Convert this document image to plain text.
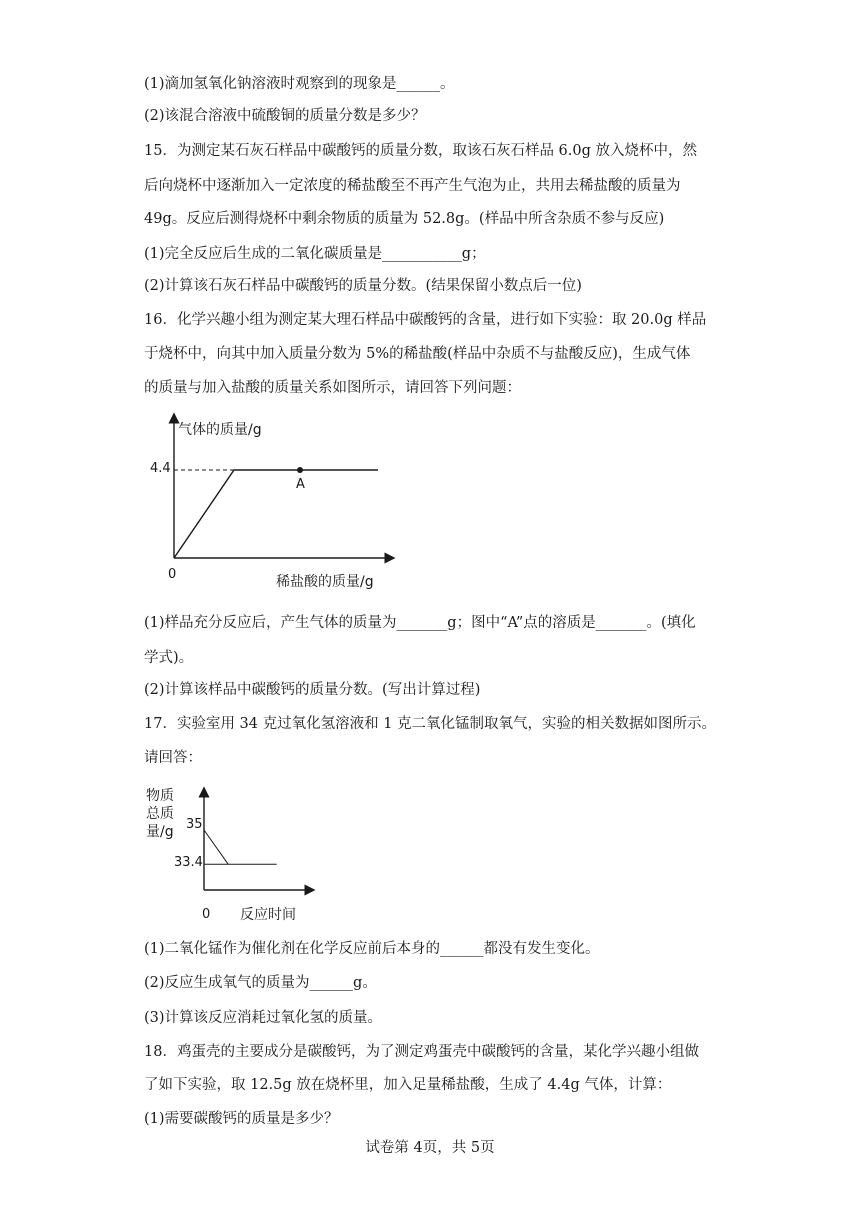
(1)滴加氢氧化钠溶液时观察到的现象是______。
(2)该混合溶液中硫酸铜的质量分数是多少？
15．为测定某石灰石样品中碳酸钙的质量分数，取该石灰石样品 6.0g 放入烧杯中，然
后向烧杯中逐渐加入一定浓度的稀盐酸至不再产生气泡为止，共用去稀盐酸的质量为
49g。反应后测得烧杯中剩余物质的质量为 52.8g。(样品中所含杂质不参与反应)
(1)完全反应后生成的二氧化碳质量是___________g；
(2)计算该石灰石样品中碳酸钙的质量分数。(结果保留小数点后一位)
16．化学兴趣小组为测定某大理石样品中碳酸钙的含量，进行如下实验：取 20.0g 样品
于烧杯中，向其中加入质量分数为 5%的稀盐酸(样品中杂质不与盐酸反应)，生成气体
的质量与加入盐酸的质量关系如图所示，请回答下列问题：
气体的质量/g
稀盐酸的质量/g
0
4.4
A
(1)样品充分反应后，产生气体的质量为_______g；图中“A”点的溶质是_______。(填化
学式)。
(2)计算该样品中碳酸钙的质量分数。(写出计算过程)
17．实验室用 34 克过氧化氢溶液和 1 克二氧化锰制取氧气，实验的相关数据如图所示。
请回答：
物质
总质
量/g 35
33.4
0 反应时间
(1)二氧化锰作为催化剂在化学反应前后本身的______都没有发生变化。
(2)反应生成氧气的质量为______g。
(3)计算该反应消耗过氧化氢的质量。
18．鸡蛋壳的主要成分是碳酸钙，为了测定鸡蛋壳中碳酸钙的含量，某化学兴趣小组做
了如下实验，取 12.5g 放在烧杯里，加入足量稀盐酸，生成了 4.4g 气体，计算：
(1)需要碳酸钙的质量是多少？
试卷第 4页，共 5页
